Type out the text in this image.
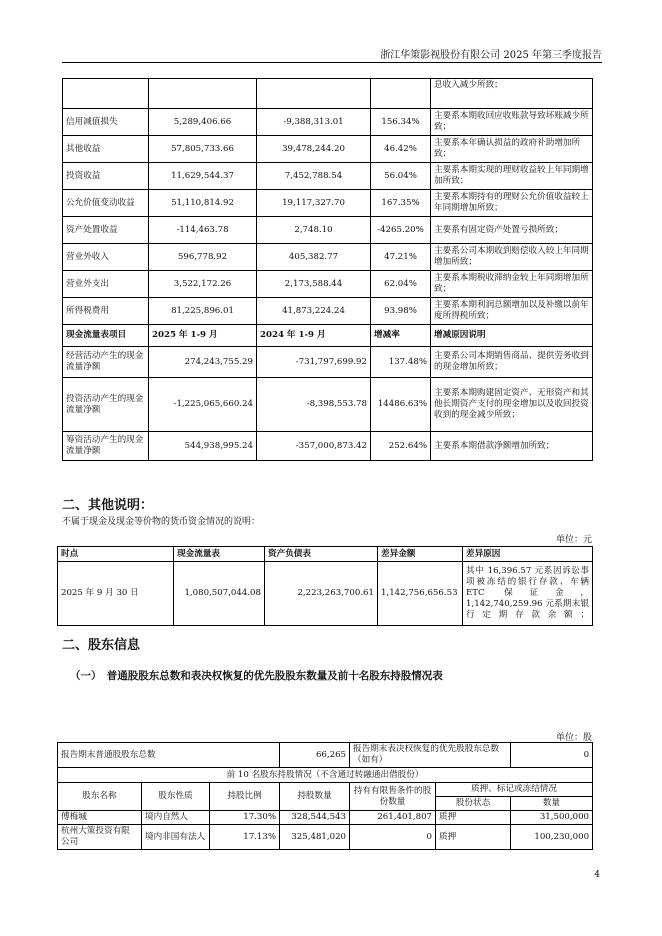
浙江华策影视股份有限公司 2025 年第三季度报告
				息收入减少所致；
信用减值损失	5,289,406.66	-9,388,313.01	156.34%	主要系本期收回应收账款导致坏账减少所致；
其他收益	57,805,733.66	39,478,244.20	46.42%	主要系本年确认损益的政府补助增加所致；
投资收益	11,629,544.37	7,452,788.54	56.04%	主要系本期实现的理财收益较上年同期增加所致；
公允价值变动收益	51,110,814.92	19,117,327.70	167.35%	主要系本期持有的理财公允价值收益较上年同期增加所致；
资产处置收益	-114,463.78	2,748.10	-4265.20%	主要系有固定资产处置亏损所致；
营业外收入	596,778.92	405,382.77	47.21%	主要系公司本期收到赔偿收入较上年同期增加所致；
营业外支出	3,522,172.26	2,173,588.44	62.04%	主要系本期税收滞纳金较上年同期增加所致；
所得税费用	81,225,896.01	41,873,224.24	93.98%	主要系本期利润总额增加以及补缴以前年度所得税所致；
现金流量表项目	2025 年 1-9 月	2024 年 1-9 月	增减率	增减原因说明
经营活动产生的现金流量净额	274,243,755.29	-731,797,699.92	137.48%	主要系公司本期销售商品、提供劳务收到的现金增加所致；
投资活动产生的现金流量净额	-1,225,065,660.24	-8,398,553.78	14486.63%	主要系本期购建固定资产、无形资产和其他长期资产支付的现金增加以及收回投资收到的现金减少所致；
筹资活动产生的现金流量净额	544,938,995.24	-357,000,873.42	252.64%	主要系本期借款净额增加所致；
二、其他说明：
不属于现金及现金等价物的货币资金情况的说明：
单位：元
时点	现金流量表	资产负债表	差异金额	差异原因
2025 年 9 月 30 日	1,080,507,044.08	2,223,263,700.61	1,142,756,656.53	其中 16,396.57 元系因诉讼事项被冻结的银行存款、车辆 ETC 保证金，1,142,740,259.96 元系期末银行定期存款余额；
二、股东信息
（一）　普通股股东总数和表决权恢复的优先股股东数量及前十名股东持股情况表
单位：股
报告期末普通股股东总数			66,265	报告期末表决权恢复的优先股股东总数（如有）		0
前 10 名股东持股情况（不含通过转融通出借股份）						
股东名称	股东性质	持股比例	持股数量	持有有限售条件的股份数量	质押、标记或冻结情况	
					股份状态	数量
傅梅城	境内自然人	17.30%	328,544,543	261,401,807	质押	31,500,000
杭州大策投资有限公司	境内非国有法人	17.13%	325,481,020	0	质押	100,230,000
4
